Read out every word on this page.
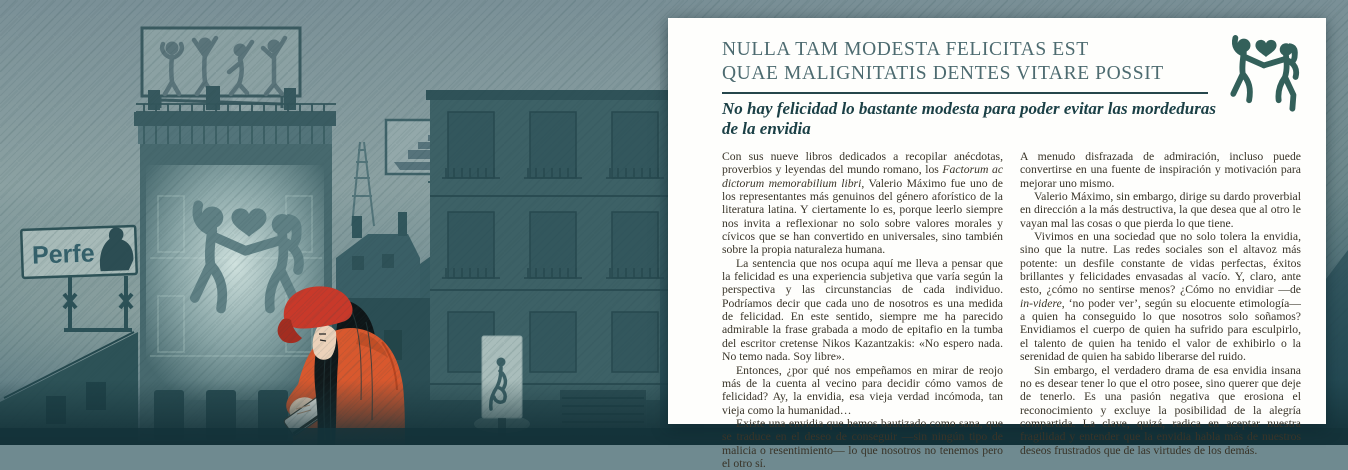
NULLA TAM MODESTA FELICITAS EST
QUAE MALIGNITATIS DENTES VITARE POSSIT

No hay felicidad lo bastante modesta para poder evitar las mordeduras de la envidia

Con sus nueve libros dedicados a recopilar anécdotas, proverbios y leyendas del mundo romano, los Factorum ac dictorum memorabilium libri, Valerio Máximo fue uno de los representantes más genuinos del género aforístico de la literatura latina. Y ciertamente lo es, porque leerlo siempre nos invita a reflexionar no solo sobre valores morales y cívicos que se han convertido en universales, sino también sobre la propia naturaleza humana.

La sentencia que nos ocupa aquí me lleva a pensar que la felicidad es una experiencia subjetiva que varía según la perspectiva y las circunstancias de cada individuo. Podríamos decir que cada uno de nosotros es una medida de felicidad. En este sentido, siempre me ha parecido admirable la frase grabada a modo de epitafio en la tumba del escritor cretense Nikos Kazantzakis: «No espero nada. No temo nada. Soy libre».

Entonces, ¿por qué nos empeñamos en mirar de reojo más de la cuenta al vecino para decidir cómo vamos de felicidad? Ay, la envidia, esa vieja verdad incómoda, tan vieja como la humanidad…

Existe una envidia que hemos bautizado como sana, que se traduce en el deseo de conseguir —sin ningún tipo de malicia o resentimiento— lo que nosotros no tenemos pero el otro sí.

A menudo disfrazada de admiración, incluso puede convertirse en una fuente de inspiración y motivación para mejorar uno mismo.

Valerio Máximo, sin embargo, dirige su dardo proverbial en dirección a la más destructiva, la que desea que al otro le vayan mal las cosas o que pierda lo que tiene.

Vivimos en una sociedad que no solo tolera la envidia, sino que la nutre. Las redes sociales son el altavoz más potente: un desfile constante de vidas perfectas, éxitos brillantes y felicidades envasadas al vacío. Y, claro, ante esto, ¿cómo no sentirse menos? ¿Cómo no envidiar —de in-videre, ‘no poder ver’, según su elocuente etimología— a quien ha conseguido lo que nosotros solo soñamos? Envidiamos el cuerpo de quien ha sufrido para esculpirlo, el talento de quien ha tenido el valor de exhibirlo o la serenidad de quien ha sabido liberarse del ruido.

Sin embargo, el verdadero drama de esa envidia insana no es desear tener lo que el otro posee, sino querer que deje de tenerlo. Es una pasión negativa que erosiona el reconocimiento y excluye la posibilidad de la alegría compartida. La clave, quizá, radica en aceptar nuestra fragilidad y entender que la envidia habla más de nuestros deseos frustrados que de las virtudes de los demás.
